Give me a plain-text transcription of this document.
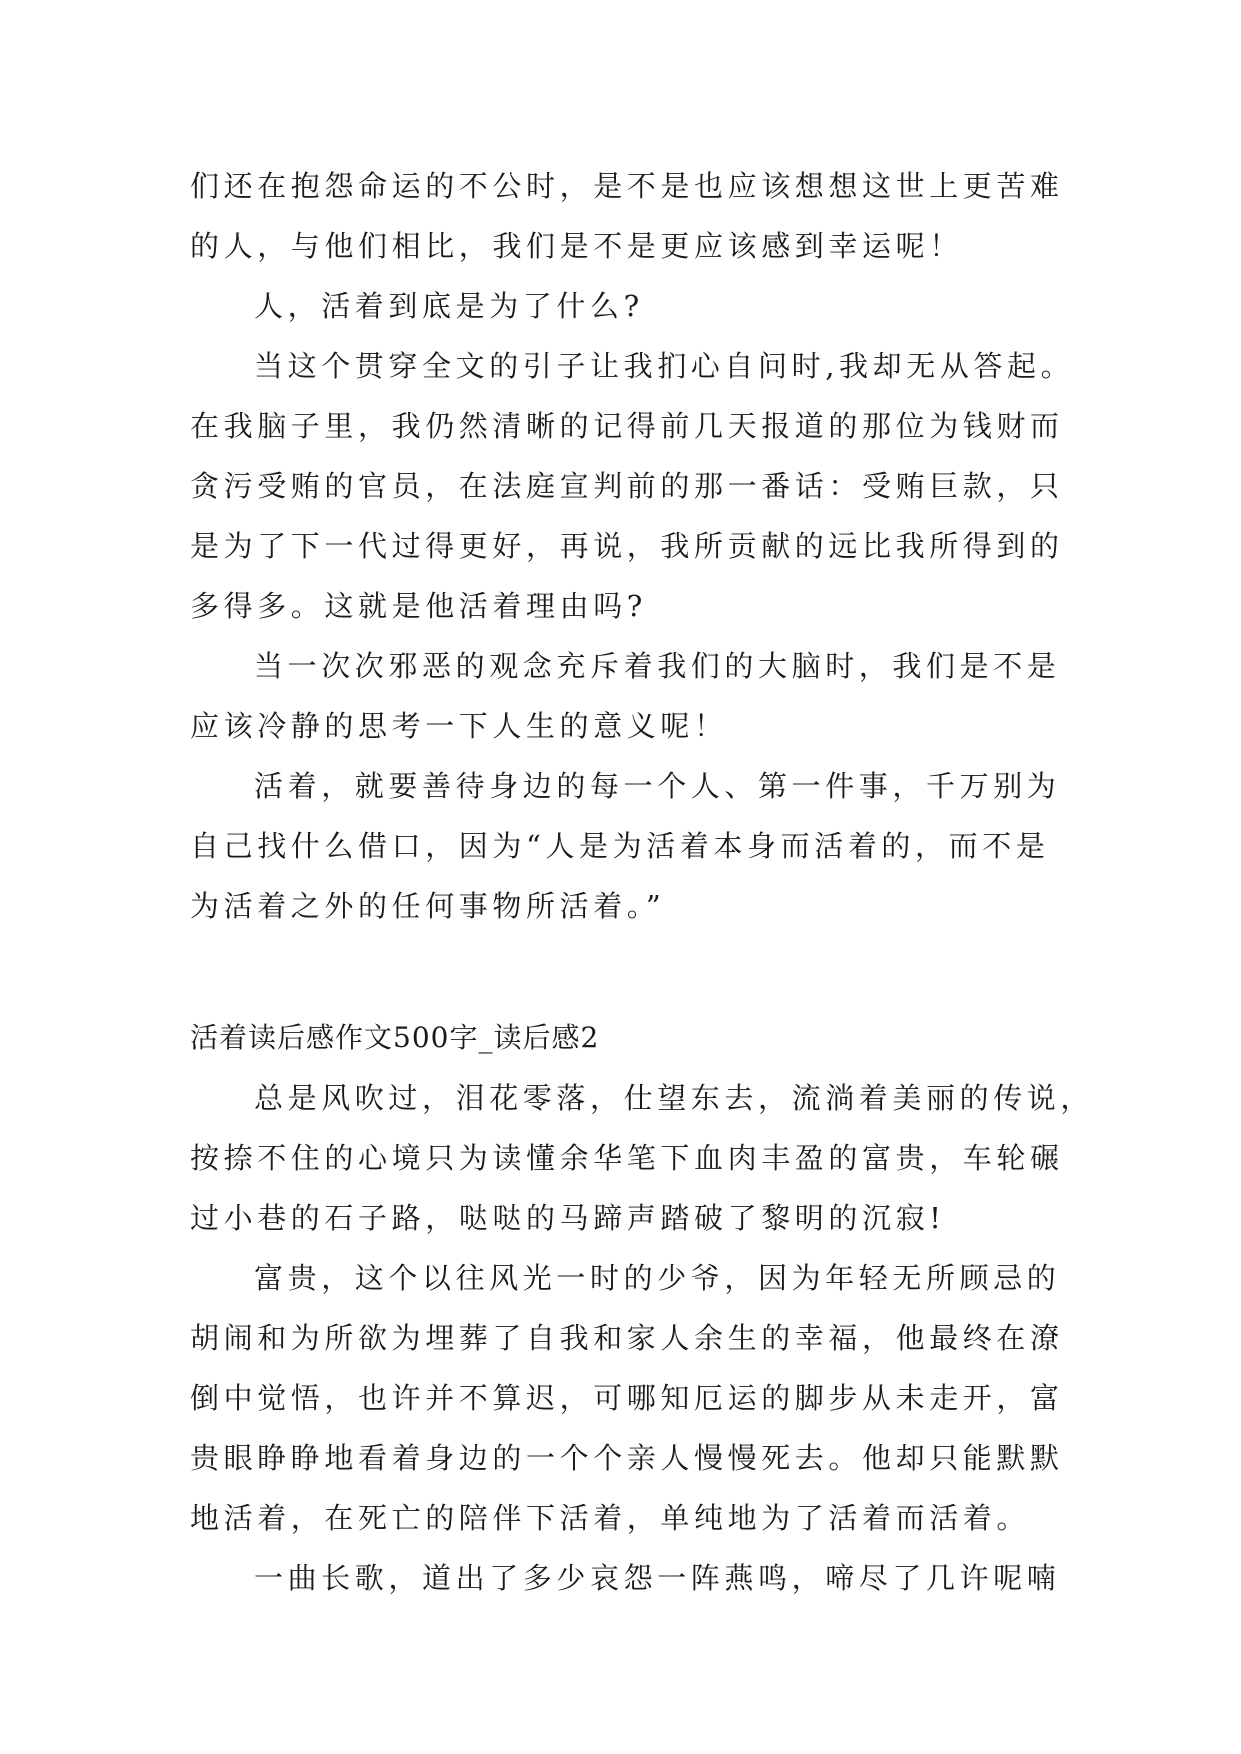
们还在抱怨命运的不公时，是不是也应该想想这世上更苦难
的人，与他们相比，我们是不是更应该感到幸运呢！
人，活着到底是为了什么?
当这个贯穿全文的引子让我扪心自问时,我却无从答起。
在我脑子里，我仍然清晰的记得前几天报道的那位为钱财而
贪污受贿的官员，在法庭宣判前的那一番话：受贿巨款，只
是为了下一代过得更好，再说，我所贡献的远比我所得到的
多得多。这就是他活着理由吗?
当一次次邪恶的观念充斥着我们的大脑时，我们是不是
应该冷静的思考一下人生的意义呢！
活着，就要善待身边的每一个人、第一件事，千万别为
自己找什么借口，因为“人是为活着本身而活着的，而不是
为活着之外的任何事物所活着。”
活着读后感作文500字_读后感2
总是风吹过，泪花零落，仕望东去，流淌着美丽的传说，
按捺不住的心境只为读懂余华笔下血肉丰盈的富贵，车轮碾
过小巷的石子路，哒哒的马蹄声踏破了黎明的沉寂!
富贵，这个以往风光一时的少爷，因为年轻无所顾忌的
胡闹和为所欲为埋葬了自我和家人余生的幸福，他最终在潦
倒中觉悟，也许并不算迟，可哪知厄运的脚步从未走开，富
贵眼睁睁地看着身边的一个个亲人慢慢死去。他却只能默默
地活着，在死亡的陪伴下活着，单纯地为了活着而活着。
一曲长歌，道出了多少哀怨一阵燕鸣，啼尽了几许呢喃
